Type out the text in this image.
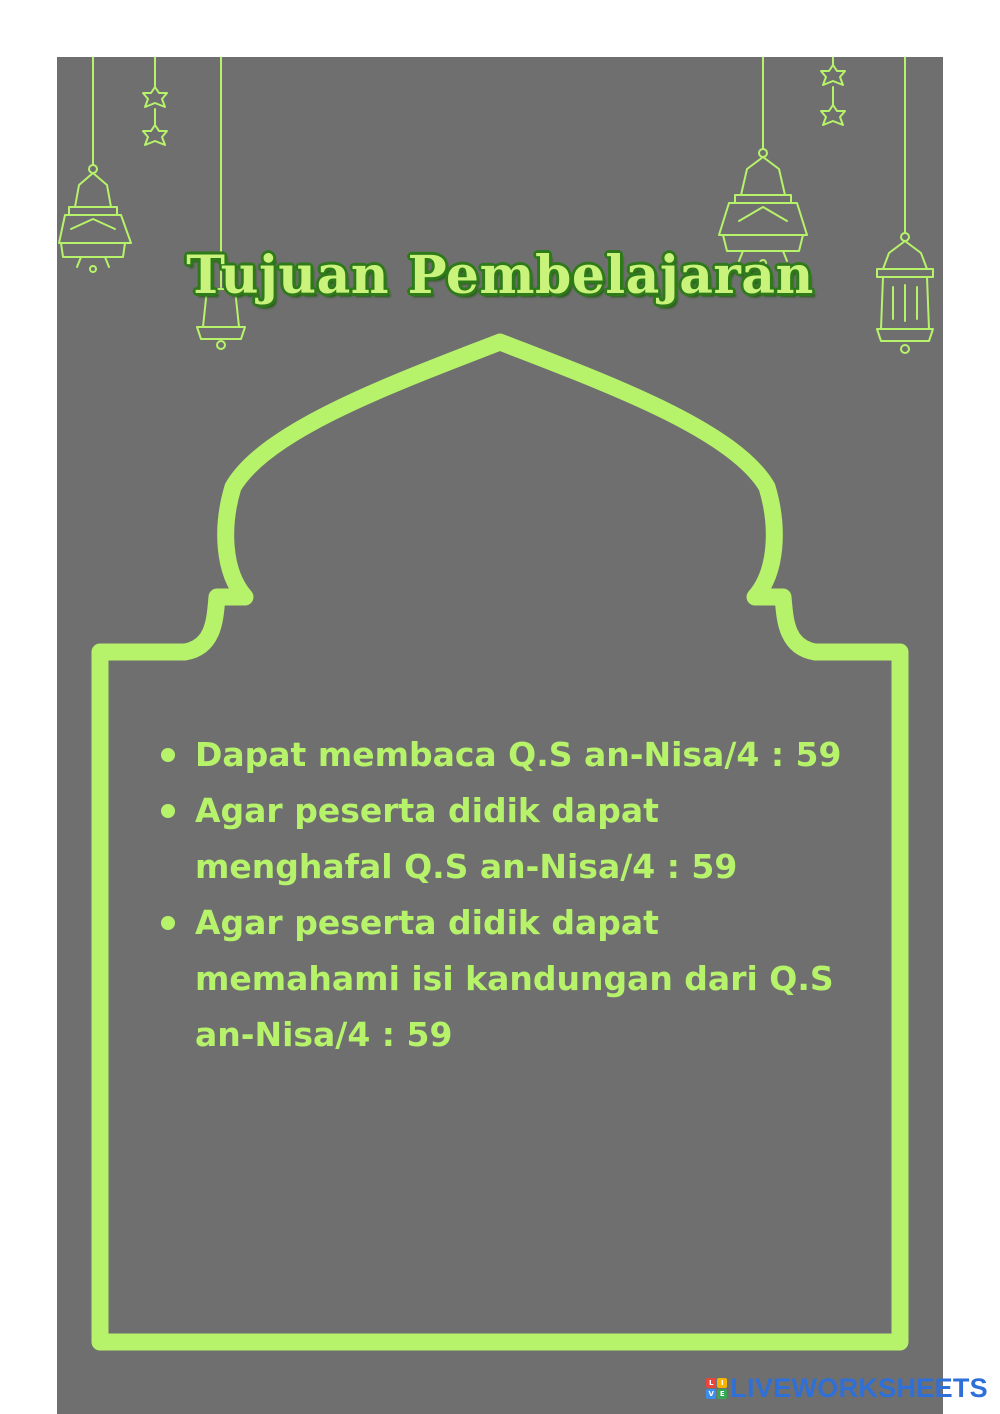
Tujuan Pembelajaran
Dapat membaca Q.S an-Nisa/4 : 59
Agar peserta didik dapat menghafal Q.S an-Nisa/4 : 59
Agar peserta didik dapat memahami isi kandungan dari Q.S an-Nisa/4 : 59
L	I
V E LIVEWORKSHEETS
